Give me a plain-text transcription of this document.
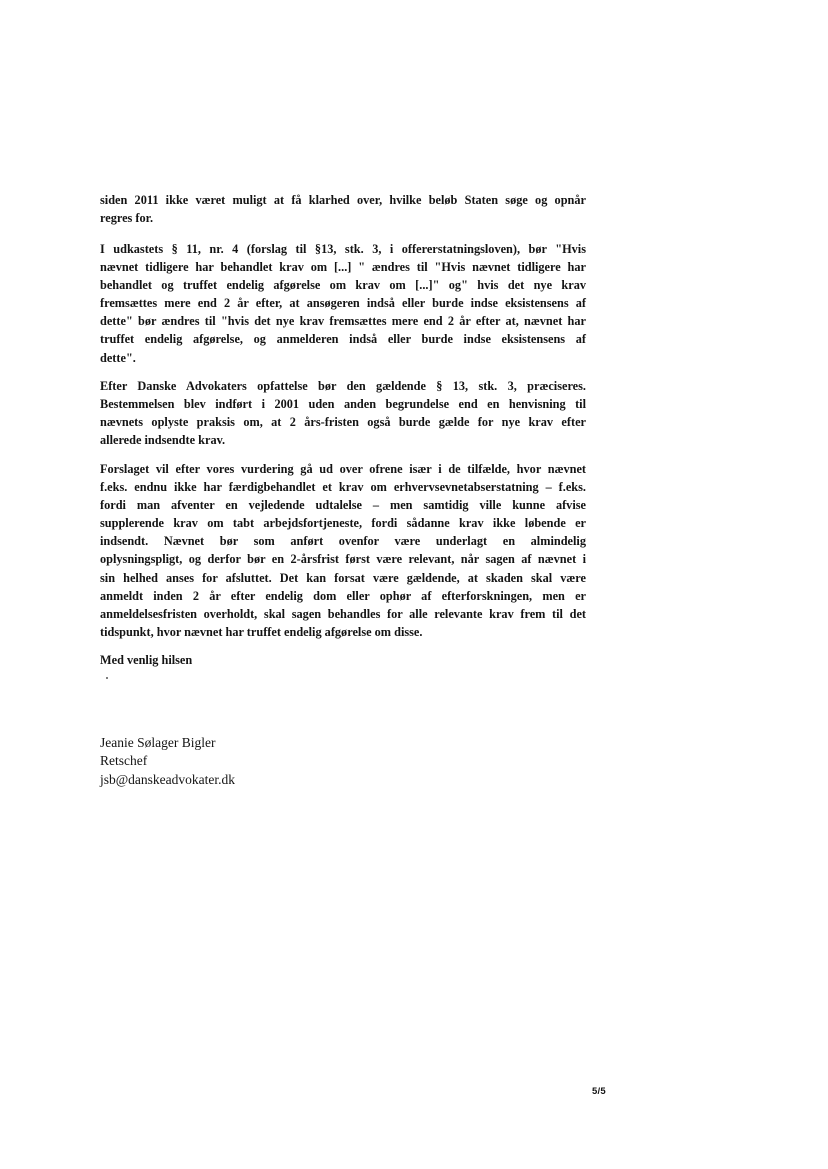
siden 2011 ikke været muligt at få klarhed over, hvilke beløb Staten søge og opnår
regres for.

I udkastets § 11, nr. 4 (forslag til §13, stk. 3, i offererstatningsloven), bør "Hvis
nævnet tidligere har behandlet krav om [...] " ændres til "Hvis nævnet tidligere har
behandlet og truffet endelig afgørelse om krav om [...]" og" hvis det nye krav
fremsættes mere end 2 år efter, at ansøgeren indså eller burde indse eksistensens af
dette" bør ændres til "hvis det nye krav fremsættes mere end 2 år efter at, nævnet har
truffet endelig afgørelse, og anmelderen indså eller burde indse eksistensens af
dette".

Efter Danske Advokaters opfattelse bør den gældende § 13, stk. 3, præciseres.
Bestemmelsen blev indført i 2001 uden anden begrundelse end en henvisning til
nævnets oplyste praksis om, at 2 års-fristen også burde gælde for nye krav efter
allerede indsendte krav.

Forslaget vil efter vores vurdering gå ud over ofrene især i de tilfælde, hvor nævnet
f.eks. endnu ikke har færdigbehandlet et krav om erhvervsevnetabserstatning – f.eks.
fordi man afventer en vejledende udtalelse – men samtidig ville kunne afvise
supplerende krav om tabt arbejdsfortjeneste, fordi sådanne krav ikke løbende er
indsendt. Nævnet bør som anført ovenfor være underlagt en almindelig
oplysningspligt, og derfor bør en 2-årsfrist først være relevant, når sagen af nævnet i
sin helhed anses for afsluttet. Det kan forsat være gældende, at skaden skal være
anmeldt inden 2 år efter endelig dom eller ophør af efterforskningen, men er
anmeldelsesfristen overholdt, skal sagen behandles for alle relevante krav frem til det
tidspunkt, hvor nævnet har truffet endelig afgørelse om disse.

Med venlig hilsen

Jeanie Sølager Bigler
Retschef
jsb@danskeadvokater.dk

5/5
